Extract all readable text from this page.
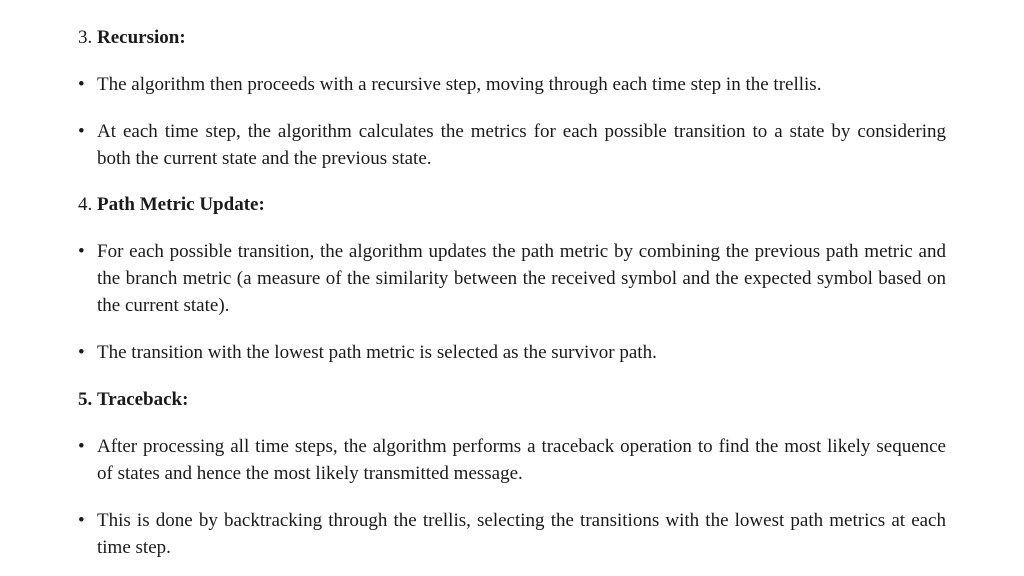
3. Recursion:
• The algorithm then proceeds with a recursive step, moving through each time step in the trellis.
• At each time step, the algorithm calculates the metrics for each possible transition to a state by considering both the current state and the previous state.
4. Path Metric Update:
• For each possible transition, the algorithm updates the path metric by combining the previous path metric and the branch metric (a measure of the similarity between the received symbol and the expected symbol based on the current state).
• The transition with the lowest path metric is selected as the survivor path.
5. Traceback:
• After processing all time steps, the algorithm performs a traceback operation to find the most likely sequence of states and hence the most likely transmitted message.
• This is done by backtracking through the trellis, selecting the transitions with the lowest path metrics at each time step.
